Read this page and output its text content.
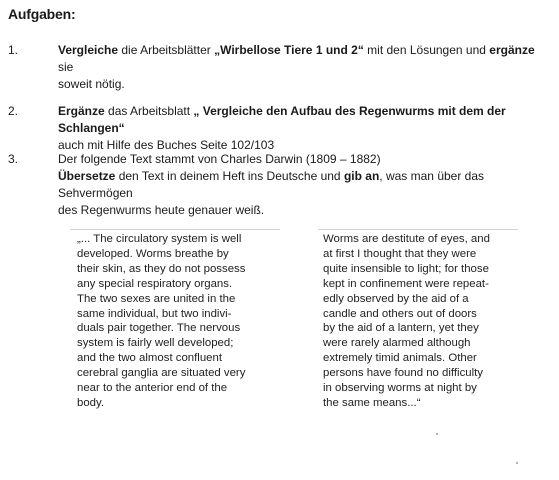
Aufgaben:
1.	Vergleiche die Arbeitsblätter „Wirbellose Tiere 1 und 2“ mit den Lösungen und ergänze sie
soweit nötig.
2.	Ergänze das Arbeitsblatt „ Vergleiche den Aufbau des Regenwurms mit dem der Schlangen“
auch mit Hilfe des Buches Seite 102/103
3.	Der folgende Text stammt von Charles Darwin (1809 – 1882)
Übersetze den Text in deinem Heft ins Deutsche und gib an, was man über das Sehvermögen
des Regenwurms heute genauer weiß.
„... The circulatory system is well
developed. Worms breathe by
their skin, as they do not possess
any special respiratory organs.
The two sexes are united in the
same individual, but two indivi-
duals pair together. The nervous
system is fairly well developed;
and the two almost confluent
cerebral ganglia are situated very
near to the anterior end of the
body.
Worms are destitute of eyes, and
at first I thought that they were
quite insensible to light; for those
kept in confinement were repeat-
edly observed by the aid of a
candle and others out of doors
by the aid of a lantern, yet they
were rarely alarmed although
extremely timid animals. Other
persons have found no difficulty
in observing worms at night by
the same means...“
